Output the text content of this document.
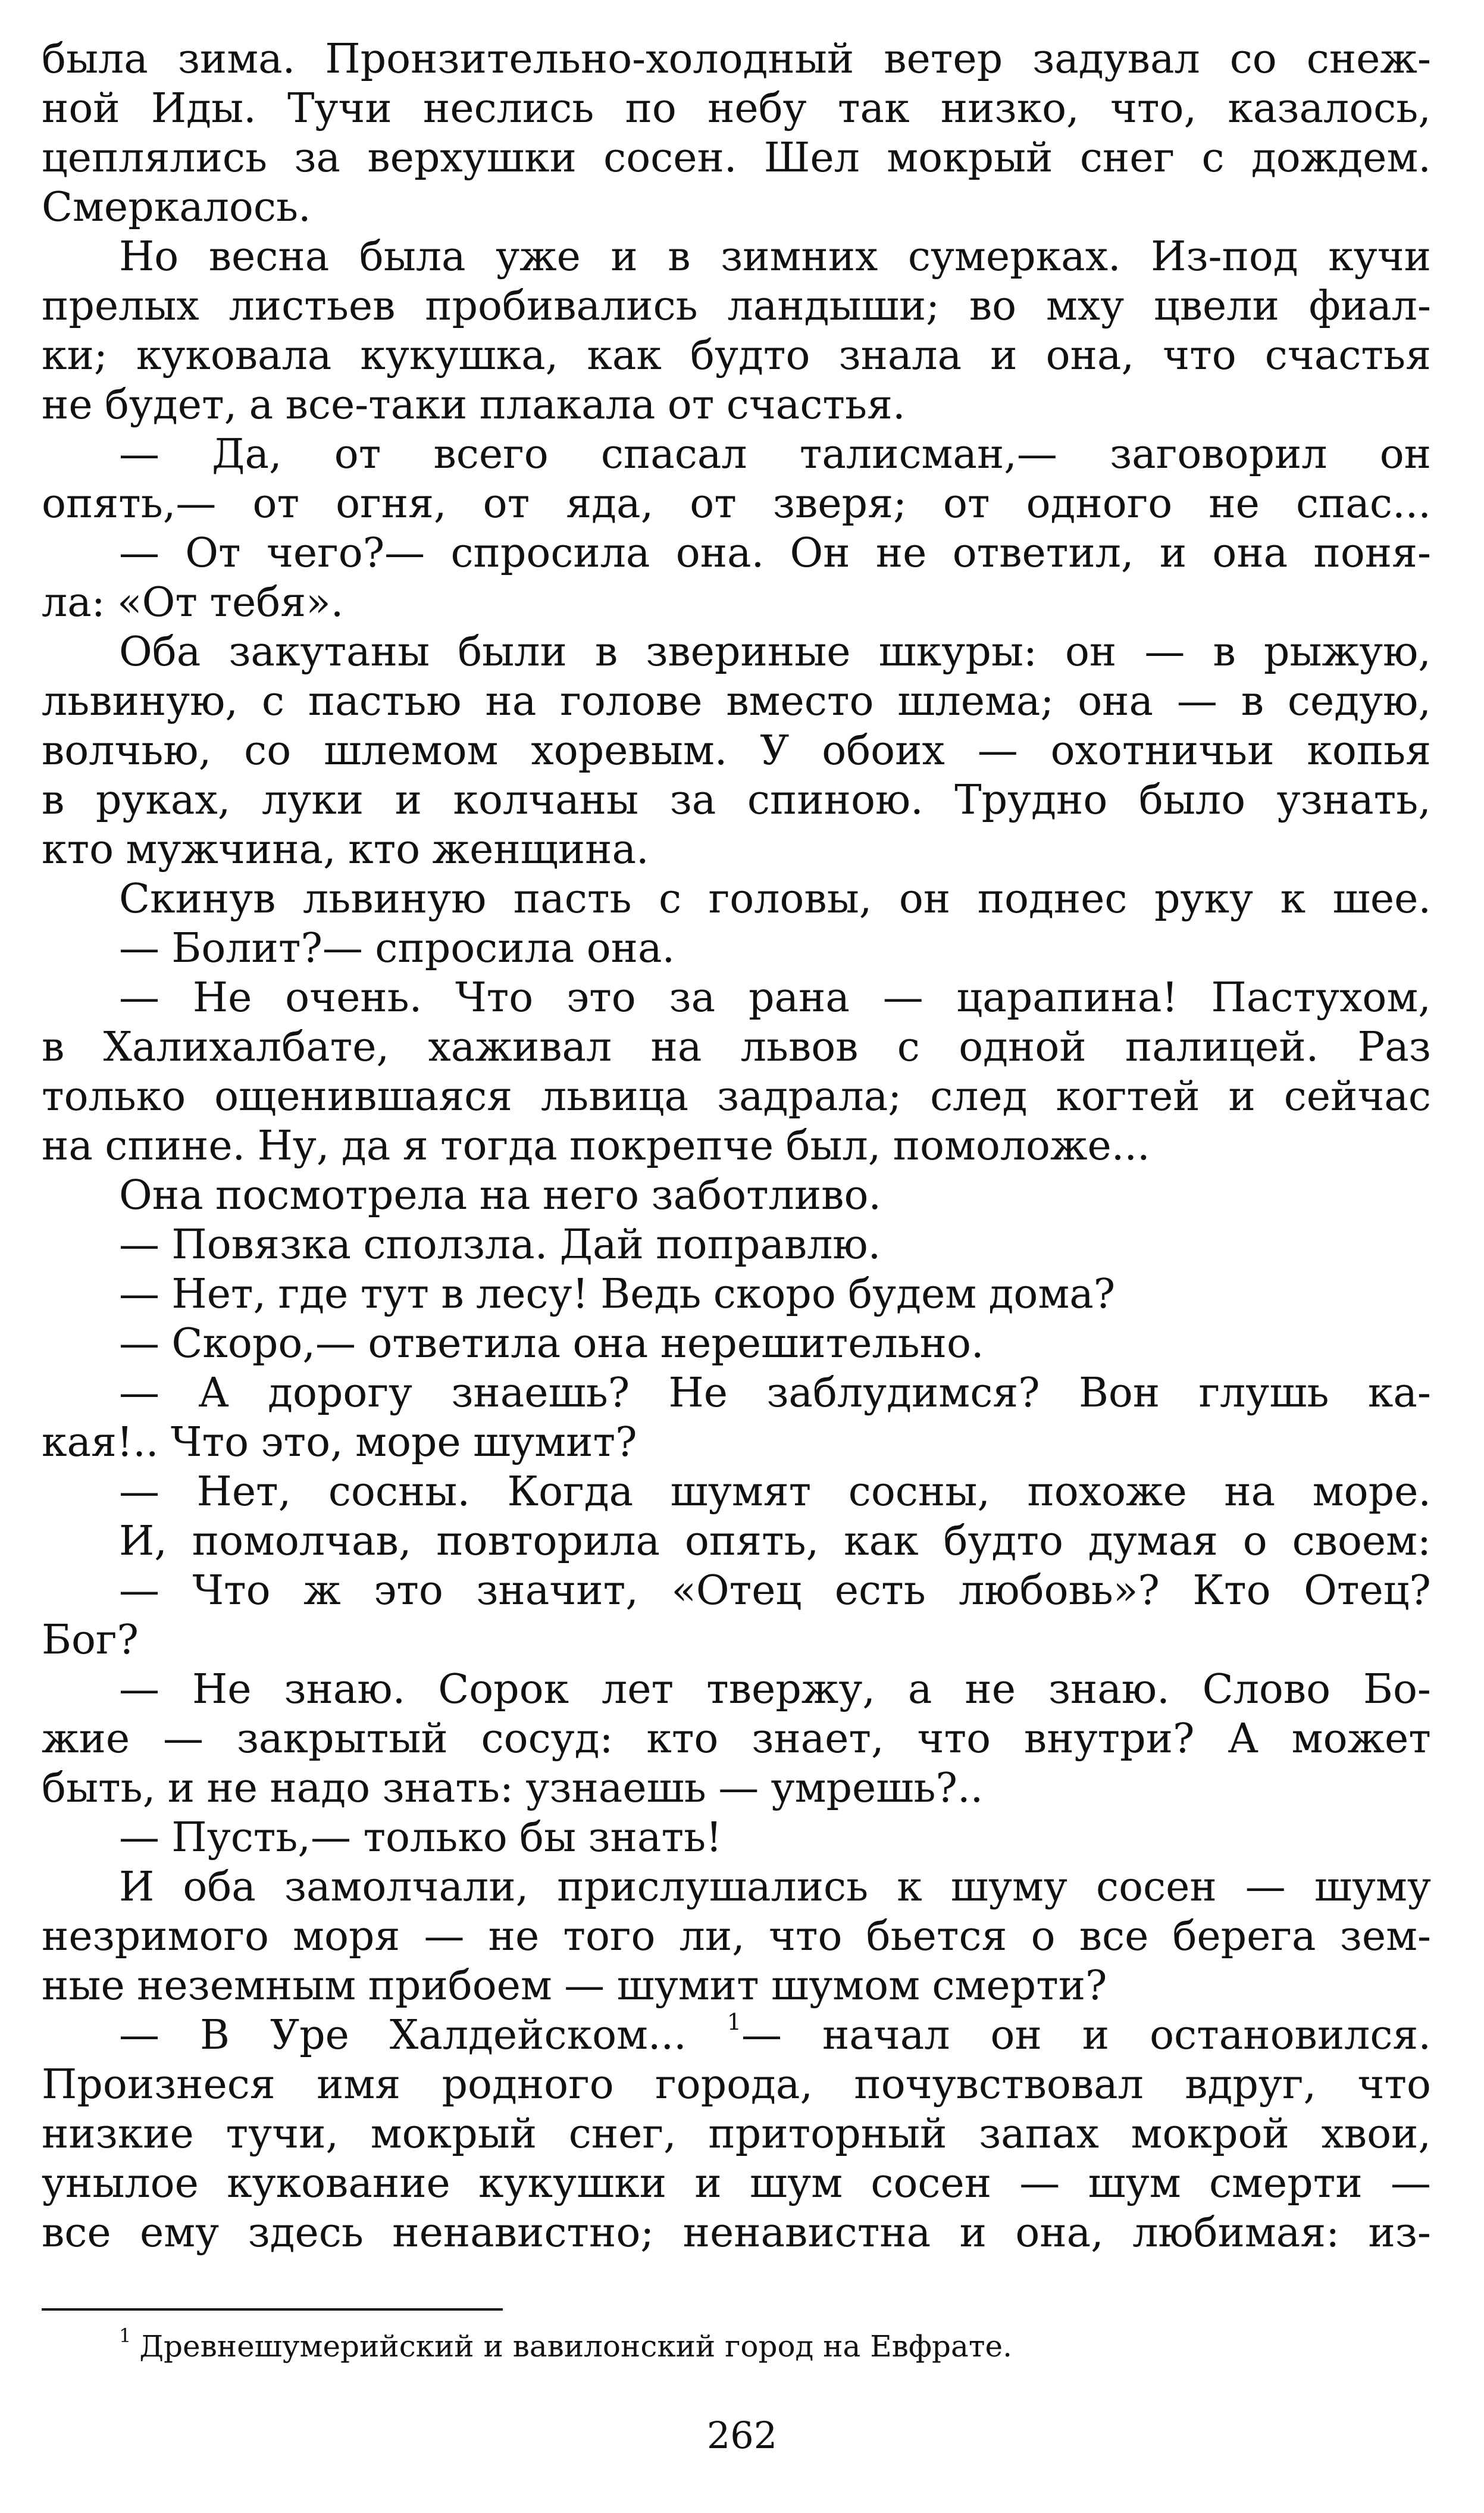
была зима. Пронзительно-холодный ветер задувал со снеж-
ной Иды. Тучи неслись по небу так низко, что, казалось,
цеплялись за верхушки сосен. Шел мокрый снег с дождем.
Смеркалось.
Но весна была уже и в зимних сумерках. Из-под кучи
прелых листьев пробивались ландыши; во мху цвели фиал-
ки; куковала кукушка, как будто знала и она, что счастья
не будет, а все-таки плакала от счастья.
— Да, от всего спасал талисман,— заговорил он
опять,— от огня, от яда, от зверя; от одного не спас...
— От чего?— спросила она. Он не ответил, и она поня-
ла: «От тебя».
Оба закутаны были в звериные шкуры: он — в рыжую,
львиную, с пастью на голове вместо шлема; она — в седую,
волчью, со шлемом хоревым. У обоих — охотничьи копья
в руках, луки и колчаны за спиною. Трудно было узнать,
кто мужчина, кто женщина.
Скинув львиную пасть с головы, он поднес руку к шее.
— Болит?— спросила она.
— Не очень. Что это за рана — царапина! Пастухом,
в Халихалбате, хаживал на львов с одной палицей. Раз
только ощенившаяся львица задрала; след когтей и сейчас
на спине. Ну, да я тогда покрепче был, помоложе...
Она посмотрела на него заботливо.
— Повязка сползла. Дай поправлю.
— Нет, где тут в лесу! Ведь скоро будем дома?
— Скоро,— ответила она нерешительно.
— А дорогу знаешь? Не заблудимся? Вон глушь ка-
кая!.. Что это, море шумит?
— Нет, сосны. Когда шумят сосны, похоже на море.
И, помолчав, повторила опять, как будто думая о своем:
— Что ж это значит, «Отец есть любовь»? Кто Отец?
Бог?
— Не знаю. Сорок лет твержу, а не знаю. Слово Бо-
жие — закрытый сосуд: кто знает, что внутри? А может
быть, и не надо знать: узнаешь — умрешь?..
— Пусть,— только бы знать!
И оба замолчали, прислушались к шуму сосен — шуму
незримого моря — не того ли, что бьется о все берега зем-
ные неземным прибоем — шумит шумом смерти?
— В Уре Халдейском... $^1$— начал он и остановился.
Произнеся имя родного города, почувствовал вдруг, что
низкие тучи, мокрый снег, приторный запах мокрой хвои,
унылое кукование кукушки и шум сосен — шум смерти —
все ему здесь ненавистно; ненавистна и она, любимая: из-
$^1$ Древнешумерийский и вавилонский город на Евфрате.
262
